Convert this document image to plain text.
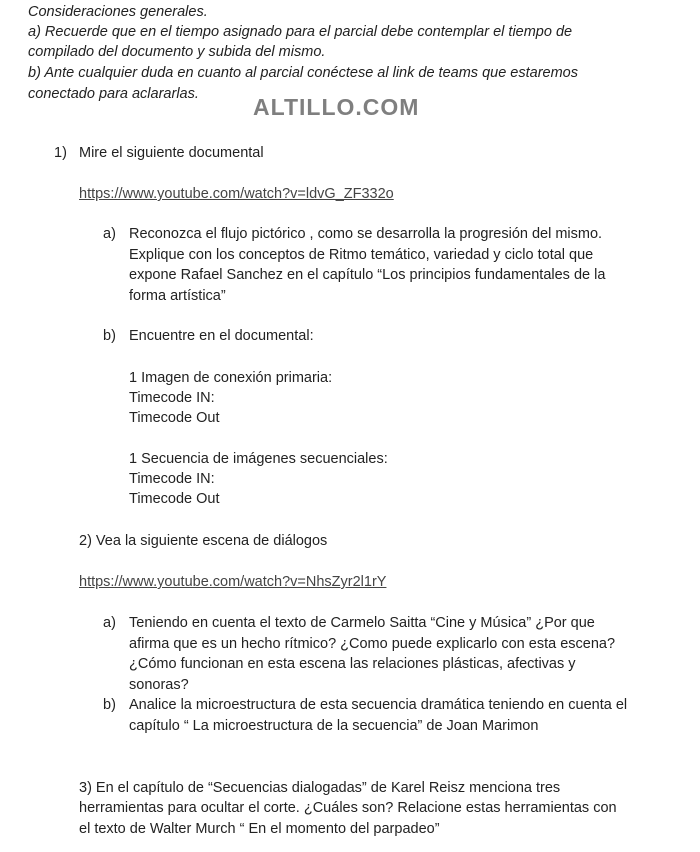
Consideraciones generales.
a) Recuerde que en el tiempo asignado para el parcial debe contemplar el tiempo de
compilado del documento y subida del mismo.
b) Ante cualquier duda en cuanto al parcial conéctese al link de teams que estaremos
conectado para aclararlas. ALTILLO.COM
1) Mire el siguiente documental
https://www.youtube.com/watch?v=ldvG_ZF332o
a) Reconozca el flujo pictórico , como se desarrolla la progresión del mismo.
Explique con los conceptos de Ritmo temático, variedad y ciclo total que
expone Rafael Sanchez en el capítulo “Los principios fundamentales de la
forma artística”
b) Encuentre en el documental:
1 Imagen de conexión primaria:
Timecode IN:
Timecode Out
1 Secuencia de imágenes secuenciales:
Timecode IN:
Timecode Out
2) Vea la siguiente escena de diálogos
https://www.youtube.com/watch?v=NhsZyr2l1rY
a) Teniendo en cuenta el texto de Carmelo Saitta “Cine y Música” ¿Por que
afirma que es un hecho rítmico? ¿Como puede explicarlo con esta escena?
¿Cómo funcionan en esta escena las relaciones plásticas, afectivas y
sonoras?
b) Analice la microestructura de esta secuencia dramática teniendo en cuenta el
capítulo “ La microestructura de la secuencia” de Joan Marimon
3) En el capítulo de “Secuencias dialogadas” de Karel Reisz menciona tres
herramientas para ocultar el corte. ¿Cuáles son? Relacione estas herramientas con
el texto de Walter Murch “ En el momento del parpadeo”
